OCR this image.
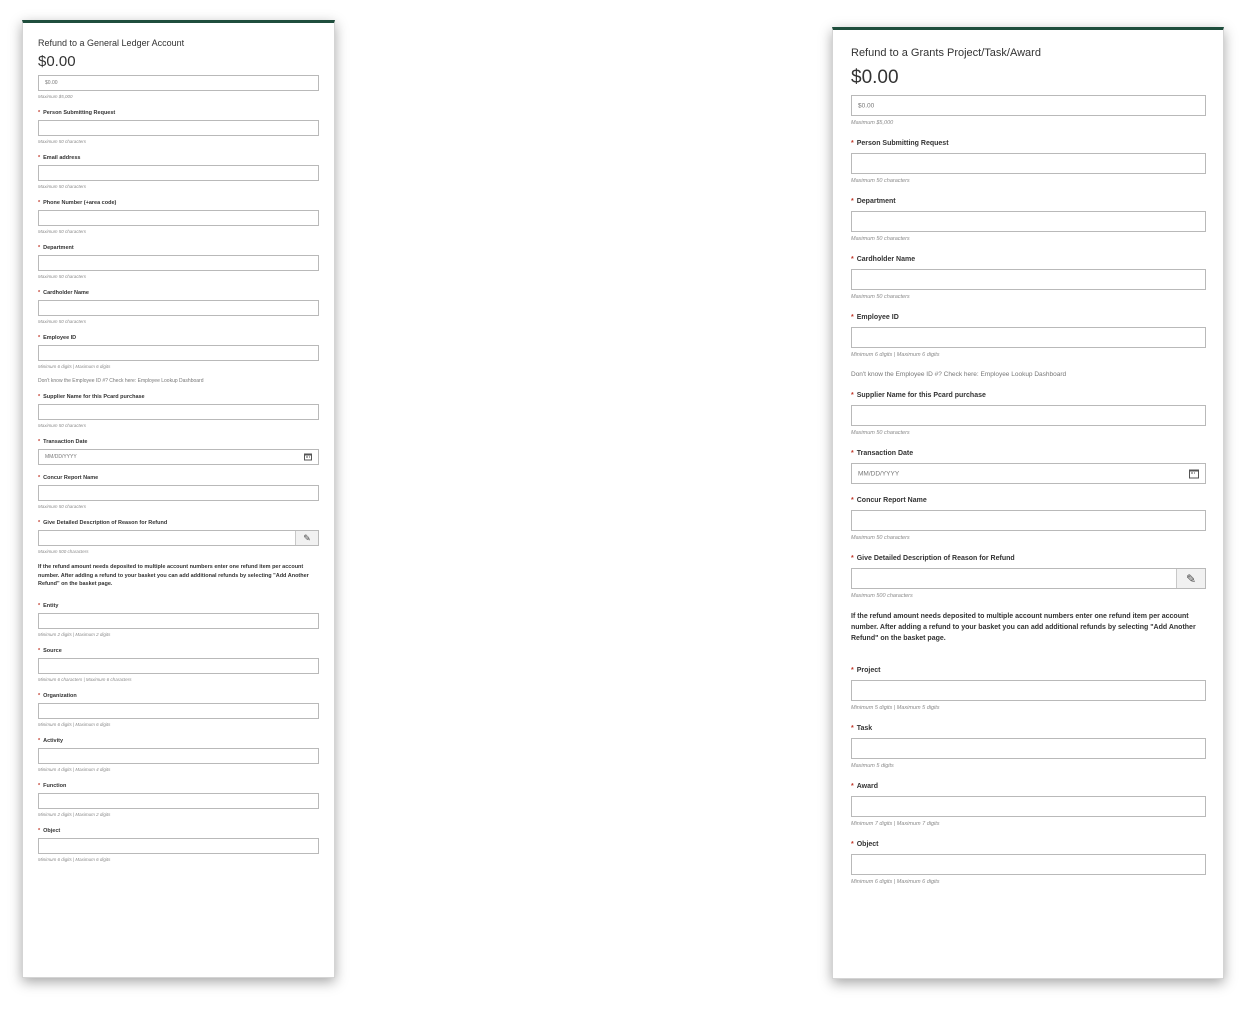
Refund to a General Ledger Account
$0.00
$0.00
Maximum $5,000
* Person Submitting Request
Maximum 50 characters
* Email address
Maximum 50 characters
* Phone Number (+area code)
Maximum 50 characters
* Department
Maximum 50 characters
* Cardholder Name
Maximum 50 characters
* Employee ID
Minimum 6 digits | Maximum 6 digits
Don't know the Employee ID #? Check here: Employee Lookup Dashboard
* Supplier Name for this Pcard purchase
Maximum 50 characters
* Transaction Date
MM/DD/YYYY
* Concur Report Name
Maximum 50 characters
* Give Detailed Description of Reason for Refund
✎
Maximum 500 characters
If the refund amount needs deposited to multiple account numbers enter one refund item per account number. After adding a refund to your basket you can add additional refunds by selecting "Add Another Refund" on the basket page.
* Entity
Minimum 2 digits | Maximum 2 digits
* Source
Minimum 6 characters | Maximum 6 characters
* Organization
Minimum 6 digits | Maximum 6 digits
* Activity
Minimum 4 digits | Maximum 4 digits
* Function
Minimum 2 digits | Maximum 2 digits
* Object
Minimum 6 digits | Maximum 6 digits
Refund to a Grants Project/Task/Award
$0.00
$0.00
Maximum $5,000
* Person Submitting Request
Maximum 50 characters
* Department
Maximum 50 characters
* Cardholder Name
Maximum 50 characters
* Employee ID
Minimum 6 digits | Maximum 6 digits
Don't know the Employee ID #? Check here: Employee Lookup Dashboard
* Supplier Name for this Pcard purchase
Maximum 50 characters
* Transaction Date
MM/DD/YYYY
* Concur Report Name
Maximum 50 characters
* Give Detailed Description of Reason for Refund
✎
Maximum 500 characters
If the refund amount needs deposited to multiple account numbers enter one refund item per account number. After adding a refund to your basket you can add additional refunds by selecting "Add Another Refund" on the basket page.
* Project
Minimum 5 digits | Maximum 5 digits
* Task
Maximum 5 digits
* Award
Minimum 7 digits | Maximum 7 digits
* Object
Minimum 6 digits | Maximum 6 digits
